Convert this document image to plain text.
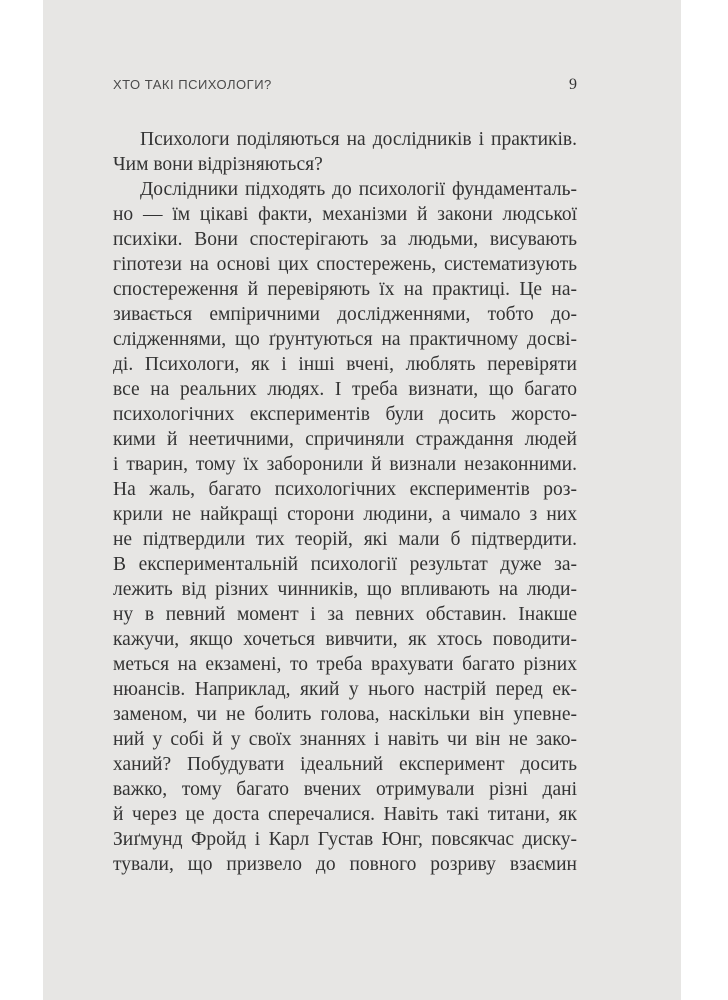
ХТО ТАКІ ПСИХОЛОГИ?	9
Психологи поділяються на дослідників і практиків.
Чим вони відрізняються?
Дослідники підходять до психології фундаменталь-
но — їм цікаві факти, механізми й закони людської
психіки. Вони спостерігають за людьми, висувають
гіпотези на основі цих спостережень, систематизують
спостереження й перевіряють їх на практиці. Це на-
зивається емпіричними дослідженнями, тобто до-
слідженнями, що ґрунтуються на практичному досві-
ді. Психологи, як і інші вчені, люблять перевіряти
все на реальних людях. І треба визнати, що багато
психологічних експериментів були досить жорсто-
кими й неетичними, спричиняли страждання людей
і тварин, тому їх заборонили й визнали незаконними.
На жаль, багато психологічних експериментів роз-
крили не найкращі сторони людини, а чимало з них
не підтвердили тих теорій, які мали б підтвердити.
В експериментальній психології результат дуже за-
лежить від різних чинників, що впливають на люди-
ну в певний момент і за певних обставин. Інакше
кажучи, якщо хочеться вивчити, як хтось поводити-
меться на екзамені, то треба врахувати багато різних
нюансів. Наприклад, який у нього настрій перед ек-
заменом, чи не болить голова, наскільки він упевне-
ний у собі й у своїх знаннях і навіть чи він не зако-
ханий? Побудувати ідеальний експеримент досить
важко, тому багато вчених отримували різні дані
й через це доста сперечалися. Навіть такі титани, як
Зиґмунд Фройд і Карл Густав Юнг, повсякчас диску-
тували, що призвело до повного розриву взаємин
